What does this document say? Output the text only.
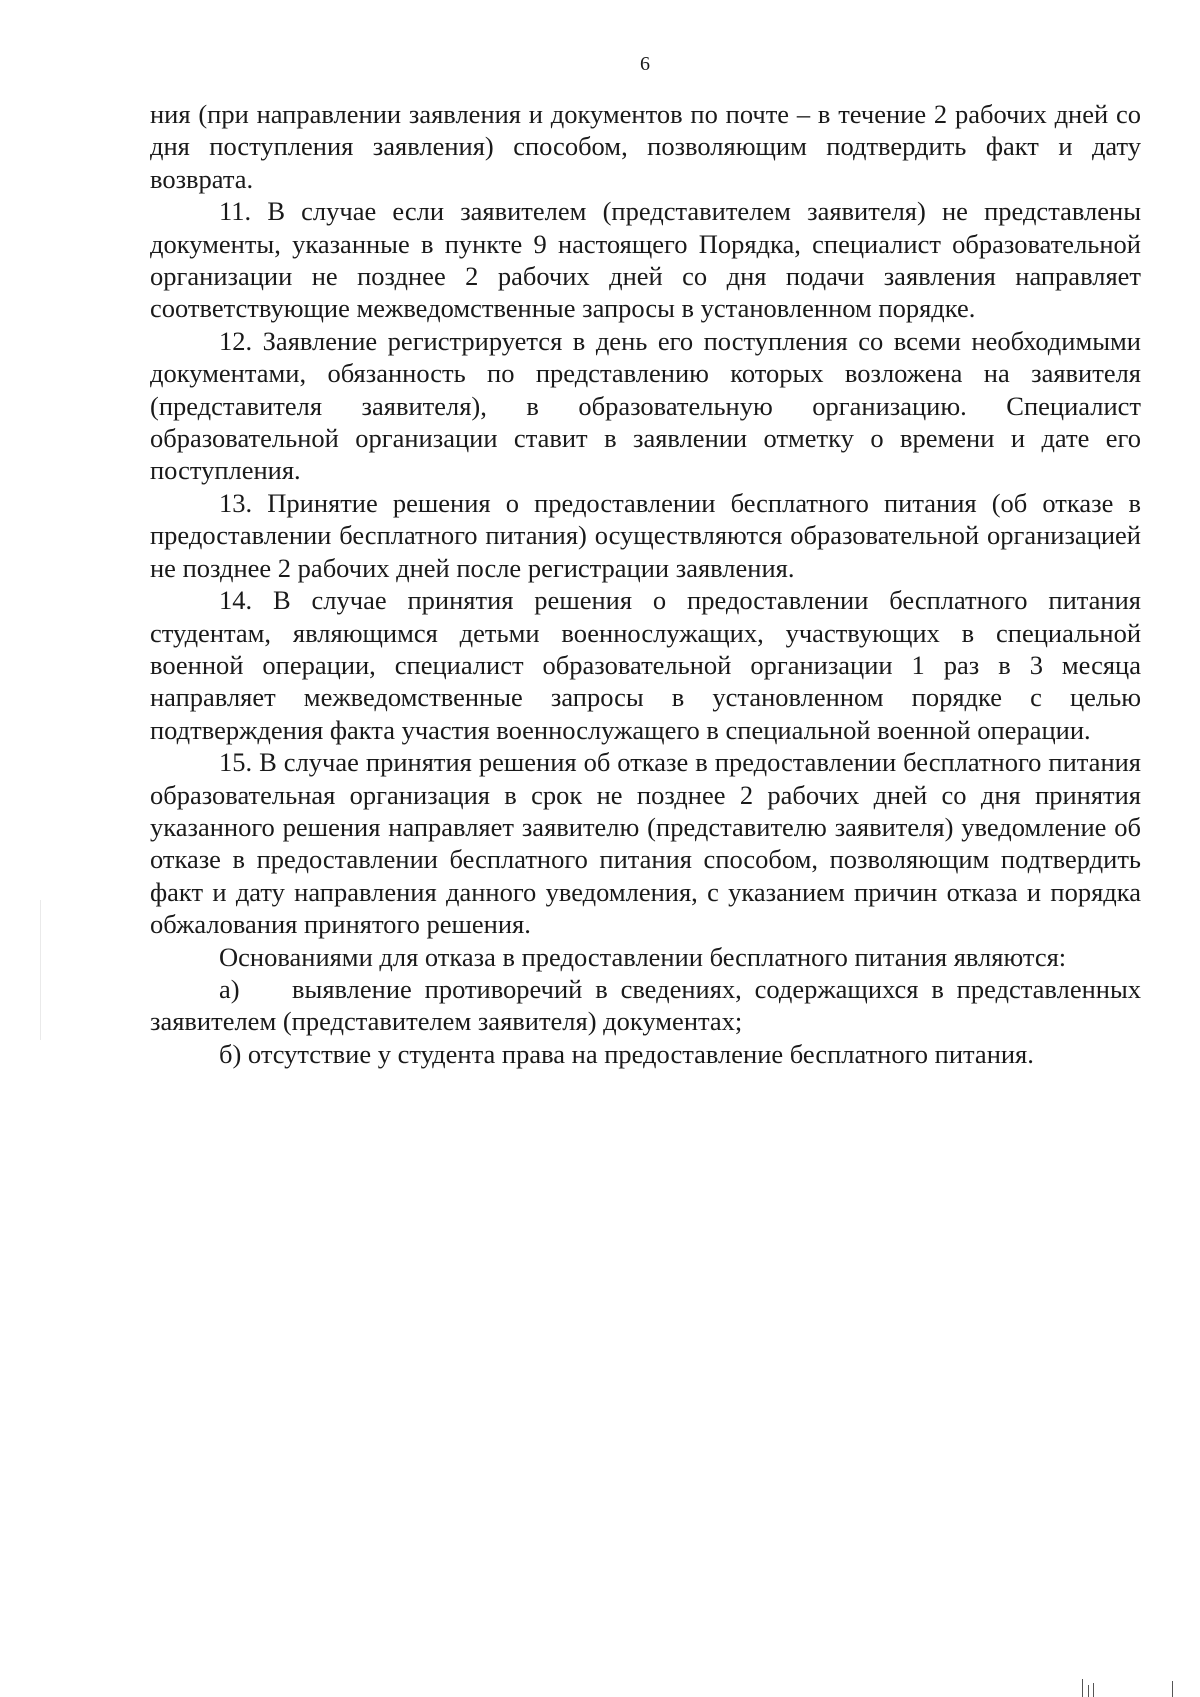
6

ния (при направлении заявления и документов по почте – в течение 2 рабочих дней со дня поступления заявления) способом, позволяющим подтвердить факт и дату возврата.

11. В случае если заявителем (представителем заявителя) не представлены документы, указанные в пункте 9 настоящего Порядка, специалист образовательной организации не позднее 2 рабочих дней со дня подачи заявления направляет соответствующие межведомственные запросы в установленном порядке.

12. Заявление регистрируется в день его поступления со всеми необходимыми документами, обязанность по представлению которых возложена на заявителя (представителя заявителя), в образовательную организацию. Специалист образовательной организации ставит в заявлении отметку о времени и дате его поступления.

13. Принятие решения о предоставлении бесплатного питания (об отказе в предоставлении бесплатного питания) осуществляются образовательной организацией не позднее 2 рабочих дней после регистрации заявления.

14. В случае принятия решения о предоставлении бесплатного питания студентам, являющимся детьми военнослужащих, участвующих в специальной военной операции, специалист образовательной организации 1 раз в 3 месяца направляет межведомственные запросы в установленном порядке с целью подтверждения факта участия военнослужащего в специальной военной операции.

15. В случае принятия решения об отказе в предоставлении бесплатного питания образовательная организация в срок не позднее 2 рабочих дней со дня принятия указанного решения направляет заявителю (представителю заявителя) уведомление об отказе в предоставлении бесплатного питания способом, позволяющим подтвердить факт и дату направления данного уведомления, с указанием причин отказа и порядка обжалования принятого решения.

Основаниями для отказа в предоставлении бесплатного питания являются:

а) выявление противоречий в сведениях, содержащихся в представленных заявителем (представителем заявителя) документах;

б) отсутствие у студента права на предоставление бесплатного питания.
